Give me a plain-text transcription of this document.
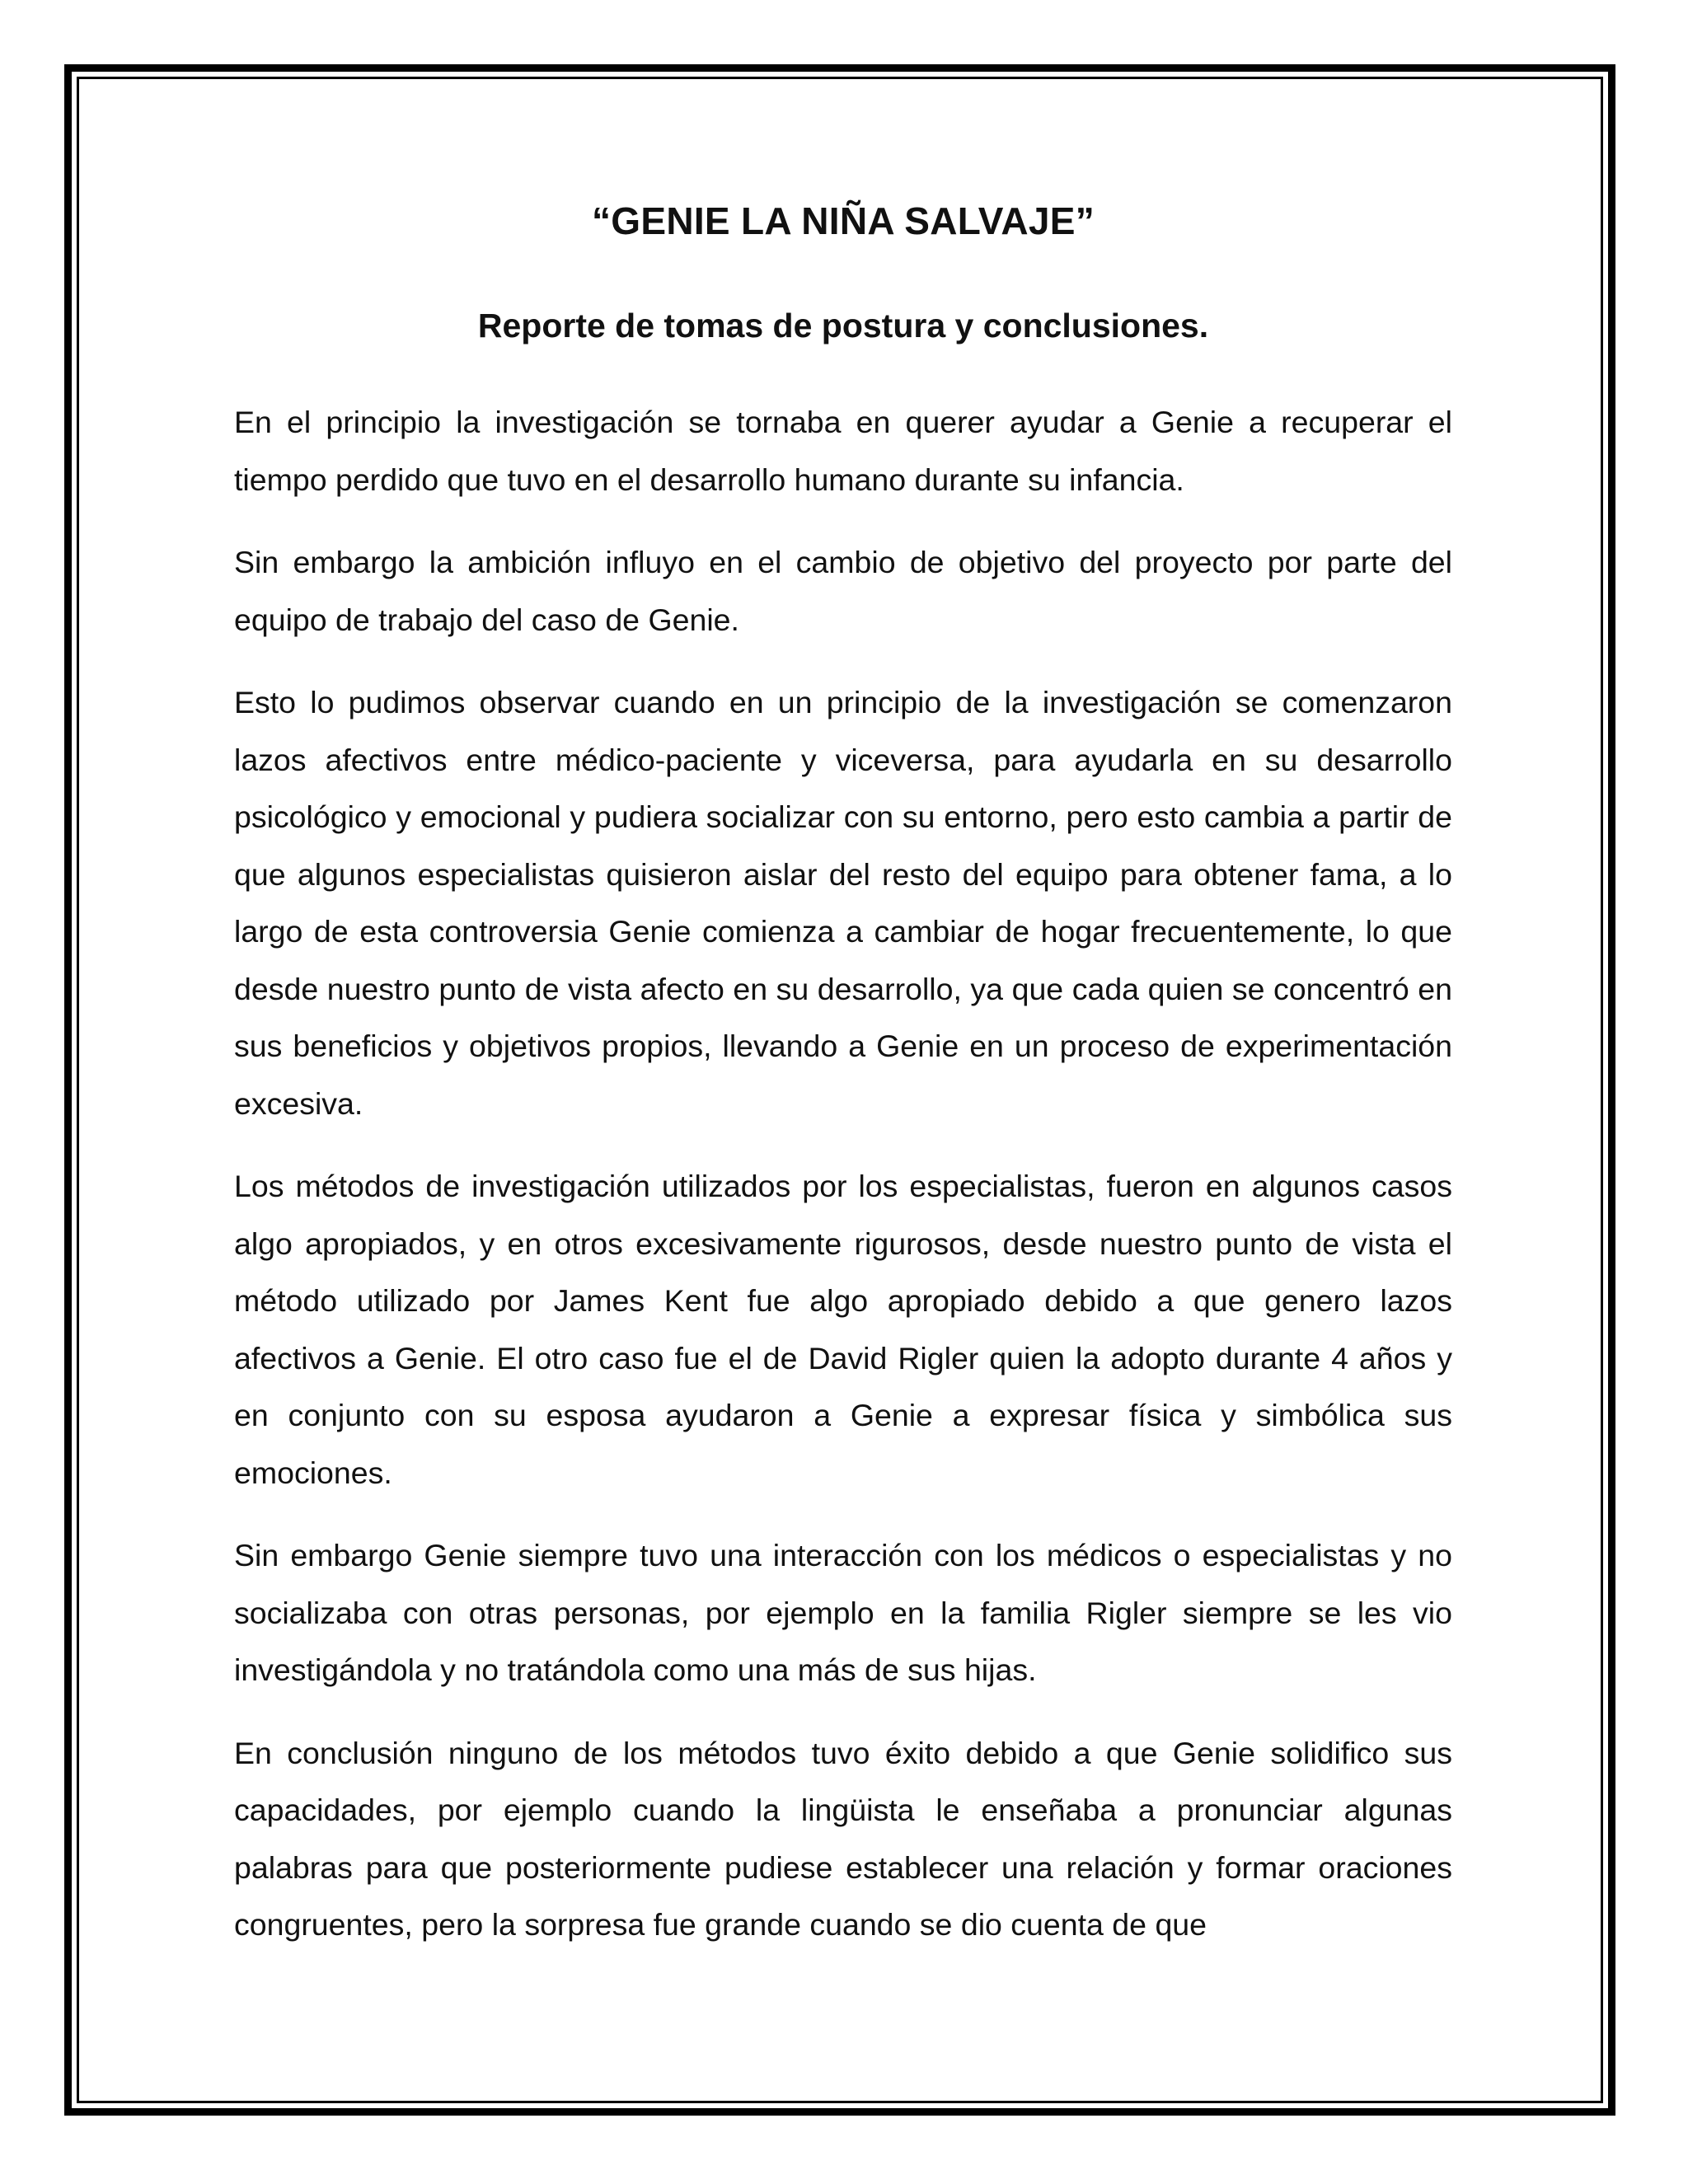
“GENIE LA NIÑA SALVAJE”
Reporte de tomas de postura y conclusiones.

En el principio la investigación se tornaba en querer ayudar a Genie a recuperar el tiempo perdido que tuvo en el desarrollo humano durante su infancia.

Sin embargo la ambición influyo en el cambio de objetivo del proyecto por parte del equipo de trabajo del caso de Genie.

Esto lo pudimos observar cuando en un principio de la investigación se comenzaron lazos afectivos entre médico-paciente y viceversa, para ayudarla en su desarrollo psicológico y emocional y pudiera socializar con su entorno, pero esto cambia a partir de que algunos especialistas quisieron aislar del resto del equipo para obtener fama, a lo largo de esta controversia Genie comienza a cambiar de hogar frecuentemente, lo que desde nuestro punto de vista afecto en su desarrollo, ya que cada quien se concentró en sus beneficios y objetivos propios, llevando a Genie en un proceso de experimentación excesiva.

Los métodos de investigación utilizados por los especialistas, fueron en algunos casos algo apropiados, y en otros excesivamente rigurosos, desde nuestro punto de vista el método utilizado por James Kent fue algo apropiado debido a que genero lazos afectivos a Genie. El otro caso fue el de David Rigler quien la adopto durante 4 años y en conjunto con su esposa ayudaron a Genie a expresar física y simbólica sus emociones.

Sin embargo Genie siempre tuvo una interacción con los médicos o especialistas y no socializaba con otras personas, por ejemplo en la familia Rigler siempre se les vio investigándola y no tratándola como una más de sus hijas.

En conclusión ninguno de los métodos tuvo éxito debido a que Genie solidifico sus capacidades, por ejemplo cuando la lingüista le enseñaba a pronunciar algunas palabras para que posteriormente pudiese establecer una relación y formar oraciones congruentes, pero la sorpresa fue grande cuando se dio cuenta de que
